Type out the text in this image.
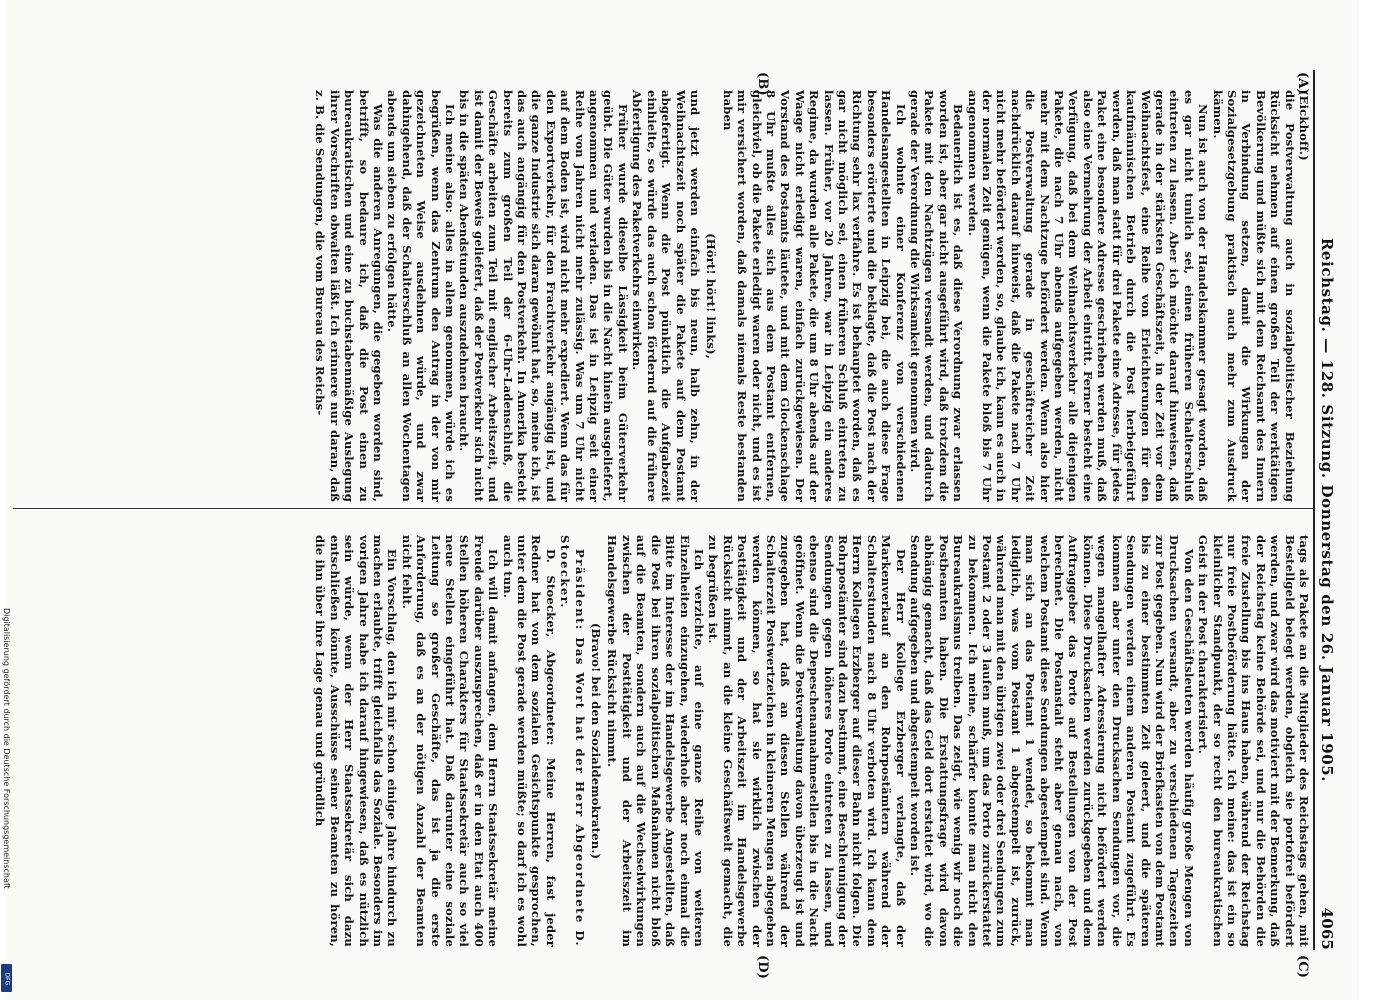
Reichstag. — 128. Sitzung. Donnerstag den 26. Januar 1905.
4065
(A)
(B)
(C)
(D)

(Eickhoff.)

die Postverwaltung auch in sozialpolitischer Beziehung Rücksicht nehmen auf einen großen Teil der werktätigen Bevölkerung und müßte sich mit dem Reichsamt des Innern in Verbindung setzen, damit die Wirkungen der Sozialgesetzgebung praktisch auch mehr zum Ausdruck kämen.

Nun ist auch von der Handelskammer gesagt worden, daß es gar nicht tunlich sei, einen früheren Schalterschluß eintreten zu lassen. Aber ich möchte darauf hinweisen, daß gerade in der stärksten Geschäftszeit, in der Zeit vor dem Weihnachtsfest, eine Reihe von Erleichterungen für den kaufmännischen Betrieb durch die Post herbeigeführt werden, daß man statt für drei Pakete eine Adresse, für jedes Paket eine besondere Adresse geschrieben werden muß, daß also eine Vermehrung der Arbeit eintritt. Ferner besteht eine Verfügung, daß bei dem Weihnachtsverkehr alle diejenigen Pakete, die nach 7 Uhr abends aufgegeben werden, nicht mehr mit dem Nachtzuge befördert werden. Wenn also hier die Postverwaltung gerade in geschäftreicher Zeit nachdrücklich darauf hinweist, daß die Pakete nach 7 Uhr nicht mehr befördert werden, so, glaube ich, kann es auch in der normalen Zeit genügen, wenn die Pakete bloß bis 7 Uhr angenommen werden.

Bedauerlich ist es, daß diese Verordnung zwar erlassen worden ist, aber gar nicht ausgeführt wird, daß trotzdem die Pakete mit den Nachtzügen versandt werden, und dadurch gerade der Verordnung die Wirksamkeit genommen wird.

Ich wohnte einer Konferenz von verschiedenen Handelsangestellten in Leipzig bei, die auch diese Frage besonders erörterte und die beklagte, daß die Post nach der Richtung sehr lax verfahre. Es ist behauptet worden, daß es gar nicht möglich sei, einen früheren Schluß eintreten zu lassen. Früher, vor 20 Jahren, war in Leipzig ein anderes Regime, da wurden alle Pakete, die um 8 Uhr abends auf der Waage nicht erledigt waren, einfach zurückgewiesen. Der Vorstand des Postamts läutete, und mit dem Glockenschlage 8 Uhr mußte alles sich aus dem Postamt entfernen, gleichviel, ob die Pakete erledigt waren oder nicht, und es ist mir versichert worden, daß damals niemals Reste bestanden haben

(Hört! hört! links),

und jetzt werden einfach bis neun, halb zehn, in der Weihnachtszeit noch später die Pakete auf dem Postamt abgefertigt. Wenn die Post pünktlich die Aufgabezeit einhielte, so würde das auch schon fördernd auf die frühere Abfertigung des Paketverkehrs einwirken.

Früher wurde dieselbe Lässigkeit beim Güterverkehr geübt. Die Güter wurden bis in die Nacht hinein ausgeliefert, angenommen und verladen. Das ist in Leipzig seit einer Reihe von Jahren nicht mehr zulässig. Was um 7 Uhr nicht auf dem Boden ist, wird nicht mehr expediert. Wenn das für den Exportverkehr, für den Frachtverkehr angängig ist, und die ganze Industrie sich daran gewöhnt hat, so, meine ich, ist das auch angängig für den Postverkehr. In Amerika besteht bereits zum großen Teil der 6-Uhr-Ladenschluß, die Geschäfte arbeiten zum Teil mit englischer Arbeitszeit, und ist damit der Beweis geliefert, daß der Postverkehr sich nicht bis in die späten Abendstunden auszudehnen braucht.

Ich meine also: alles in allem genommen, würde ich es begrüßen, wenn das Zentrum den Antrag in der von mir gezeichneten Weise ausdehnen würde, und zwar dahingehend, daß der Schalterschluß an allen Wochentagen abends um sieben zu erfolgen hätte.

Was die anderen Anregungen, die gegeben worden sind, betrifft, so bedaure ich, daß die Post einen zu bureaukratischen und eine zu buchstabenmäßige Auslegung ihrer Vorschriften obwalten läßt. Ich erinnere nur daran, daß z. B. die Sendungen, die vom Bureau des Reichs-

tags als Pakete an die Mitglieder des Reichstags gehen, mit Bestellgeld belegt werden, obgleich sie portofrei befördert werden, und zwar wird das motiviert mit der Bemerkung, daß der Reichstag keine Behörde sei, und nur die Behörden die freie Zustellung bis ins Haus haben, während der Reichstag nur freie Postbeförderung hätte. Ich meine: das ist ein so kleinlicher Standpunkt, der so recht den bureaukratischen Geist in der Post charakterisiert.

Von den Geschäftsleuten werden häufig große Mengen von Drucksachen versandt, aber zu verschiedenen Tageszeiten zur Post gegeben. Nun wird der Briefkasten von dem Postamt bis zu einer bestimmten Zeit geleert, und die späteren Sendungen werden einem anderen Postamt zugeführt. Es kommen aber unter den Drucksachen Sendungen vor, die wegen mangelhafter Adressierung nicht befördert werden können. Diese Drucksachen werden zurückgegeben und dem Auftraggeber das Porto auf Bestellungen von der Post berechnet. Die Postanstalt steht aber genau nach, von welchem Postamt diese Sendungen abgestempelt sind. Wenn man sich an das Postamt 1 wendet, so bekommt man lediglich, was vom Postamt 1 abgestempelt ist, zurück, während man mit den übrigen zwei oder drei Sendungen zum Postamt 2 oder 3 laufen muß, um das Porto zurückerstattet zu bekommen. Ich meine, schärfer konnte man nicht den Bureaukratismus treiben. Das zeigt, wie wenig wir noch die Postbeamten haben. Die Erstattungsfrage wird davon abhängig gemacht, daß das Geld dort erstattet wird, wo die Sendung aufgegeben und abgestempelt worden ist.

Der Herr Kollege Erzberger verlangte, daß der Markenverkauf an den Rohrpostämtern während der Schalterstunden nach 8 Uhr verboten wird. Ich kann dem Herrn Kollegen Erzberger auf dieser Bahn nicht folgen. Die Rohrpostämter sind dazu bestimmt, eine Beschleunigung der Sendungen gegen höheres Porto eintreten zu lassen, und ebenso sind die Depeschenannahmestellen bis in die Nacht geöffnet. Wenn die Postverwaltung davon überzeugt ist und zugegeben hat, daß an diesen Stellen während der Schalterzeit Postwertzeichen in kleineren Mengen abgegeben werden können, so hat sie wirklich zwischen der Posttätigkeit und der Arbeitszeit im Handelsgewerbe Rücksicht nimmt, an die kleine Geschäftswelt gemacht, die zu begrüßen ist.

Ich verzichte, auf eine ganze Reihe von weiteren Einzelheiten einzugehen, wiederhole aber noch einmal die Bitte im Interesse der im Handelsgewerbe Angestellten, daß die Post bei ihren sozialpolitischen Maßnahmen nicht bloß auf die Beamten, sondern auch auf die Wechselwirkungen zwischen der Posttätigkeit und der Arbeitszeit im Handelsgewerbe Rücksicht nimmt.

(Bravo! bei den Sozialdemokraten.)

Präsident: Das Wort hat der Herr Abgeordnete D. Stoecker.

D. Stoecker, Abgeordneter: Meine Herren, fast jeder Redner hat von dem sozialen Gesichtspunkte gesprochen, unter dem die Post gerade werden müßte; so darf ich es wohl auch tun.

Ich will damit anfangen, dem Herrn Staatssekretär meine Freude darüber auszusprechen, daß er in den Etat auch 400 Stellen höheren Charakters für Staatssekretär auch so viel neue Stellen eingeführt hat. Daß darunter eine soziale Leitung so großer Geschäfte, das ist ja die erste Anforderung, daß es an der nötigen Anzahl der Beamten nicht fehlt.

Ein Vorschlag, den ich mir schon einige Jahre hindurch zu machen erlaubte, trifft gleichfalls das Soziale. Besonders im vorigen Jahre habe ich darauf hingewiesen, daß es nützlich sein würde, wenn der Herr Staatssekretär sich dazu entschließen könnte, Ausschüsse seiner Beamten zu hören, die ihn über ihre Lage genau und gründlich

Digitalisierung gefördert durch die Deutsche Forschungsgemeinschaft
DFG
